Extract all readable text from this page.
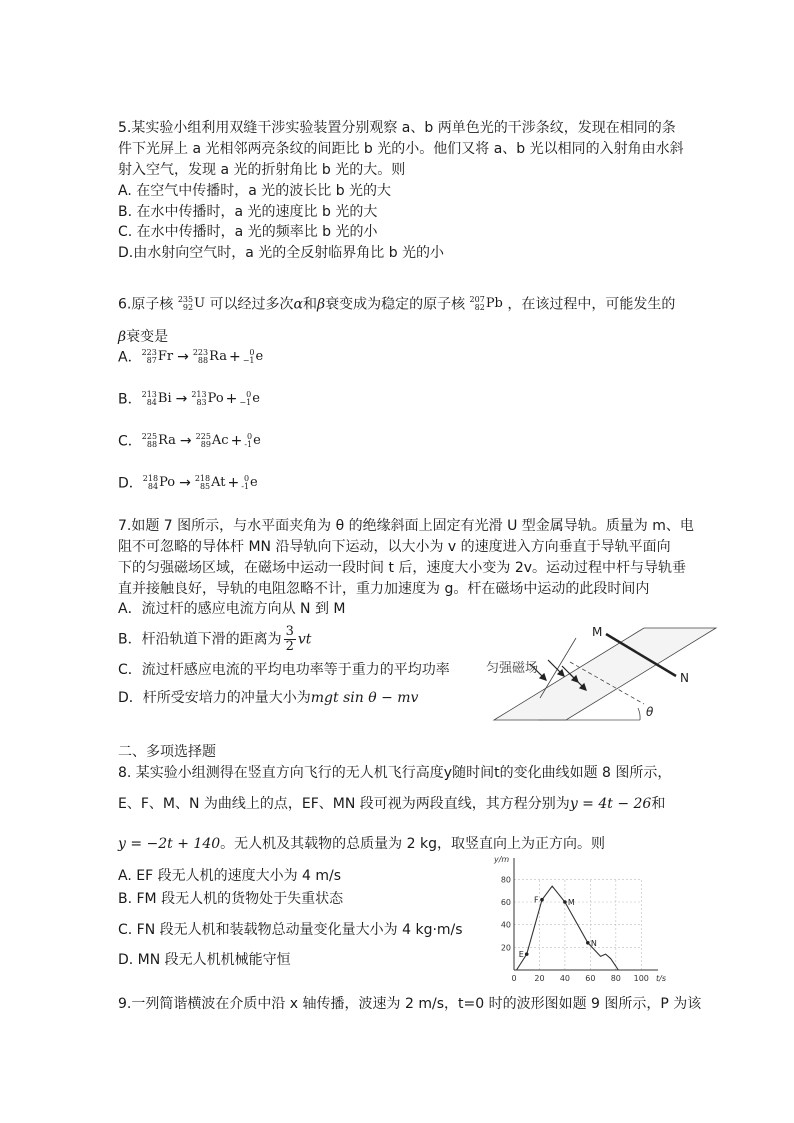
5.某实验小组利用双缝干涉实验装置分别观察 a、b 两单色光的干涉条纹，发现在相同的条
件下光屏上 a 光相邻两亮条纹的间距比 b 光的小。他们又将 a、b 光以相同的入射角由水斜
射入空气，发现 a 光的折射角比 b 光的大。则
A. 在空气中传播时，a 光的波长比 b 光的大
B. 在水中传播时，a 光的速度比 b 光的大
C. 在水中传播时，a 光的频率比 b 光的小
D.由水射向空气时，a 光的全反射临界角比 b 光的小
6.原子核 235
92 U 可以经过多次α和β衰变成为稳定的原子核 207
82 Pb ，在该过程中，可能发生的
β衰变是
A． 223
87 Fr → 223
88 Ra + 0
−1 e
B． 213
84 Bi → 213
83 Po + 0
−1 e
C． 225
88 Ra → 225
89 Ac + 0
-1 e
D． 218
84 Po → 218
85 At + 0
-1 e
7.如题 7 图所示，与水平面夹角为 θ 的绝缘斜面上固定有光滑 U 型金属导轨。质量为 m、电
阻不可忽略的导体杆 MN 沿导轨向下运动，以大小为 v 的速度进入方向垂直于导轨平面向
下的匀强磁场区域，在磁场中运动一段时间 t 后，速度大小变为 2v。运动过程中杆与导轨垂
直并接触良好，导轨的电阻忽略不计，重力加速度为 g。杆在磁场中运动的此段时间内
A．流过杆的感应电流方向从 N 到 M
B．杆沿轨道下滑的距离为 $\frac{3}{2}$ vt
C．流过杆感应电流的平均电功率等于重力的平均功率
D．杆所受安培力的冲量大小为mgt sin θ − mv
M
N
匀强磁场
θ
二、多项选择题
8. 某实验小组测得在竖直方向飞行的无人机飞行高度y随时间t的变化曲线如题 8 图所示，
E、F、M、N 为曲线上的点，EF、MN 段可视为两段直线，其方程分别为y = 4t − 26和
y = −2t + 140。无人机及其载物的总质量为 2 kg，取竖直向上为正方向。则
A. EF 段无人机的速度大小为 4 m/s
B. FM 段无人机的货物处于失重状态
C. FN 段无人机和装载物总动量变化量大小为 4 kg·m/s
D. MN 段无人机机械能守恒
0 20 40 60 80 100
20
40
60
80
t/s
y/m
E
F	M
N
9.一列简谐横波在介质中沿 x 轴传播，波速为 2 m/s，t=0 时的波形图如题 9 图所示，P 为该
